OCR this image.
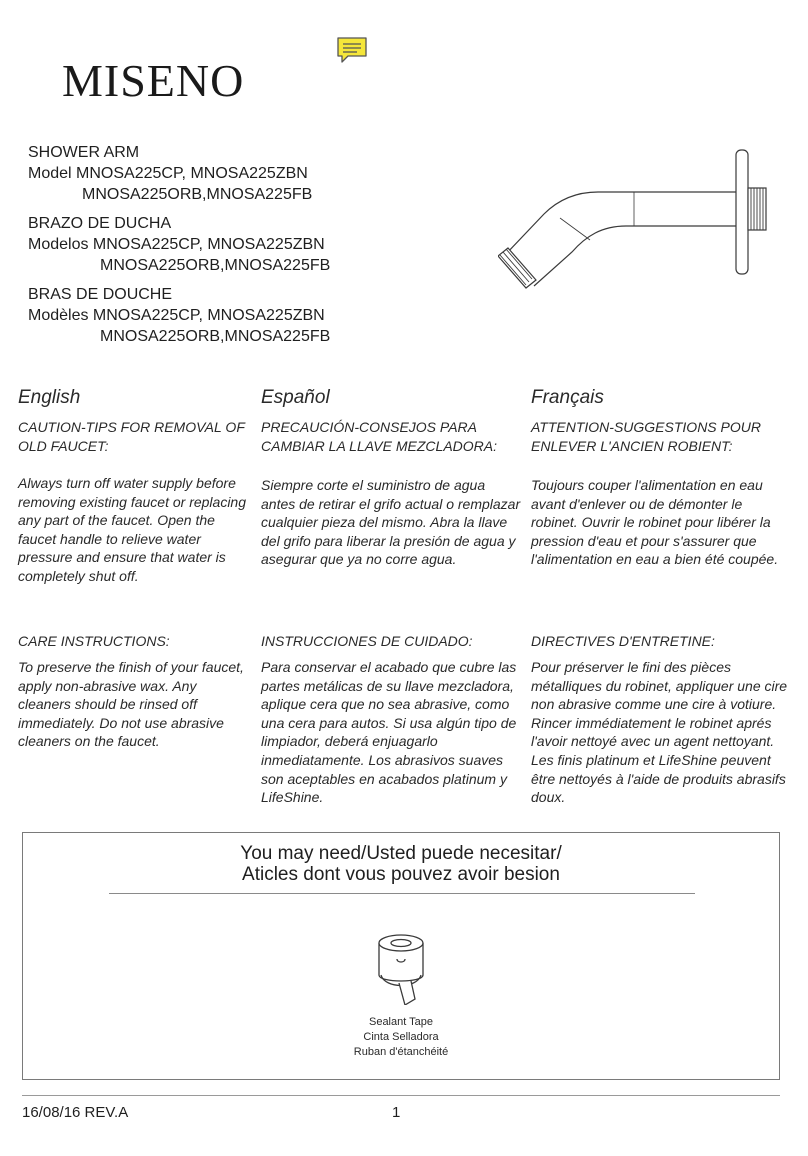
MISENO
SHOWER ARM
Model MNOSA225CP, MNOSA225ZBN
MNOSA225ORB,MNOSA225FB
BRAZO DE DUCHA
Modelos MNOSA225CP, MNOSA225ZBN
MNOSA225ORB,MNOSA225FB
BRAS DE DOUCHE
Modèles MNOSA225CP, MNOSA225ZBN
MNOSA225ORB,MNOSA225FB
English
CAUTION-TIPS FOR REMOVAL OF OLD FAUCET:
Always turn off water supply before removing existing faucet or replacing any part of the faucet. Open the faucet handle to relieve water pressure and ensure that water is completely shut off.
CARE INSTRUCTIONS:
To preserve the finish of your faucet, apply non-abrasive wax. Any cleaners should be rinsed off immediately. Do not use abrasive cleaners on the faucet.
Español
PRECAUCIÓN-CONSEJOS PARA CAMBIAR LA LLAVE MEZCLADORA:
Siempre corte el suministro de agua antes de retirar el grifo actual o remplazar cualquier pieza del mismo. Abra la llave del grifo para liberar la presión de agua y asegurar que ya no corre agua.
INSTRUCCIONES DE CUIDADO:
Para conservar el acabado que cubre las partes metálicas de su llave mezcladora, aplique cera que no sea abrasive, como una cera para autos. Si usa algún tipo de limpiador, deberá enjuagarlo inmediatamente. Los abrasivos suaves son aceptables en acabados platinum y LifeShine.
Français
ATTENTION-SUGGESTIONS POUR ENLEVER L'ANCIEN ROBIENT:
Toujours couper l'alimentation en eau avant d'enlever ou de démonter le robinet. Ouvrir le robinet pour libérer la pression d'eau et pour s'assurer que l'alimentation en eau a bien été coupée.
DIRECTIVES D'ENTRETINE:
Pour préserver le fini des pièces métalliques du robinet, appliquer une cire non abrasive comme une cire à votiure. Rincer immédiatement le robinet aprés l'avoir nettoyé avec un agent nettoyant. Les finis platinum et LifeShine peuvent être nettoyés à l'aide de produits abrasifs doux.
You may need/Usted puede necesitar/
Aticles dont vous pouvez avoir besion
Sealant Tape
Cinta Selladora
Ruban d'étanchéité
16/08/16 REV.A	1
